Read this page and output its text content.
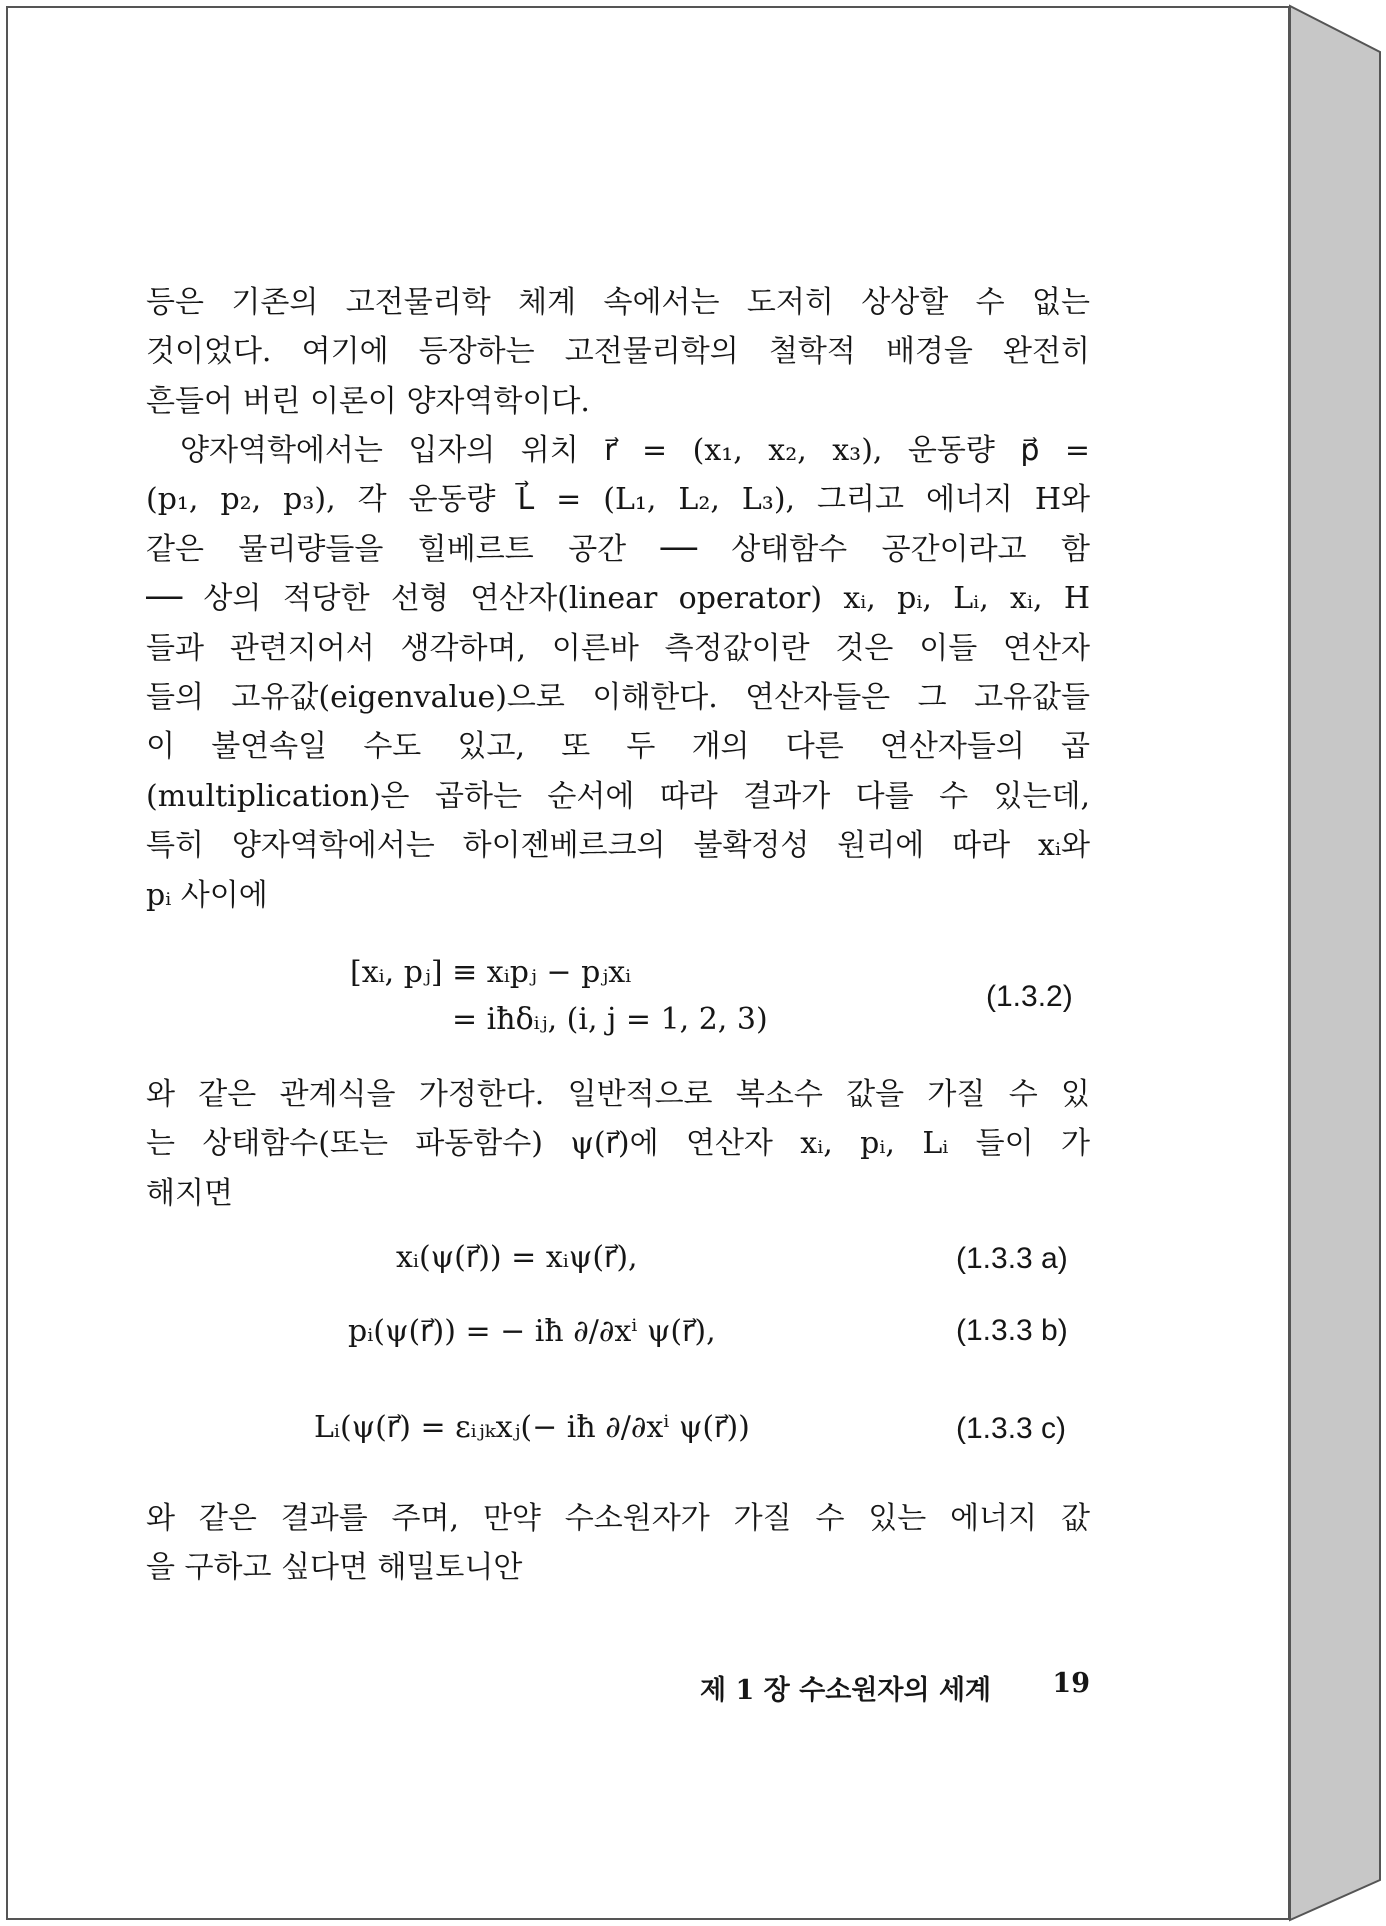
등은 기존의 고전물리학 체계 속에서는 도저히 상상할 수 없는
것이었다. 여기에 등장하는 고전물리학의 철학적 배경을 완전히
흔들어 버린 이론이 양자역학이다.
양자역학에서는 입자의 위치 r⃗ = (x₁, x₂, x₃), 운동량 p⃗ =
(p₁, p₂, p₃), 각 운동량 L⃗ = (L₁, L₂, L₃), 그리고 에너지 H와
같은 물리량들을 힐베르트 공간 ── 상태함수 공간이라고 함
── 상의 적당한 선형 연산자(linear operator) xᵢ, pᵢ, Lᵢ, xᵢ, H
들과 관련지어서 생각하며, 이른바 측정값이란 것은 이들 연산자
들의 고유값(eigenvalue)으로 이해한다. 연산자들은 그 고유값들
이 불연속일 수도 있고, 또 두 개의 다른 연산자들의 곱
(multiplication)은 곱하는 순서에 따라 결과가 다를 수 있는데,
특히 양자역학에서는 하이젠베르크의 불확정성 원리에 따라 xᵢ와
pᵢ 사이에
[xᵢ, pⱼ] ≡ xᵢpⱼ − pⱼxᵢ
= iħδᵢⱼ, (i, j = 1, 2, 3)
(1.3.2)
와 같은 관계식을 가정한다. 일반적으로 복소수 값을 가질 수 있
는 상태함수(또는 파동함수) ψ(r⃗)에 연산자 xᵢ, pᵢ, Lᵢ 들이 가
해지면
xᵢ(ψ(r⃗)) = xᵢψ(r⃗),	(1.3.3 a)
pᵢ(ψ(r⃗)) = − iħ ∂/∂xⁱ ψ(r⃗),	(1.3.3 b)
Lᵢ(ψ(r⃗) = εᵢⱼₖxⱼ(− iħ ∂/∂xⁱ ψ(r⃗))	(1.3.3 c)
와 같은 결과를 주며, 만약 수소원자가 가질 수 있는 에너지 값
을 구하고 싶다면 해밀토니안
제 1 장 수소원자의 세계 19
